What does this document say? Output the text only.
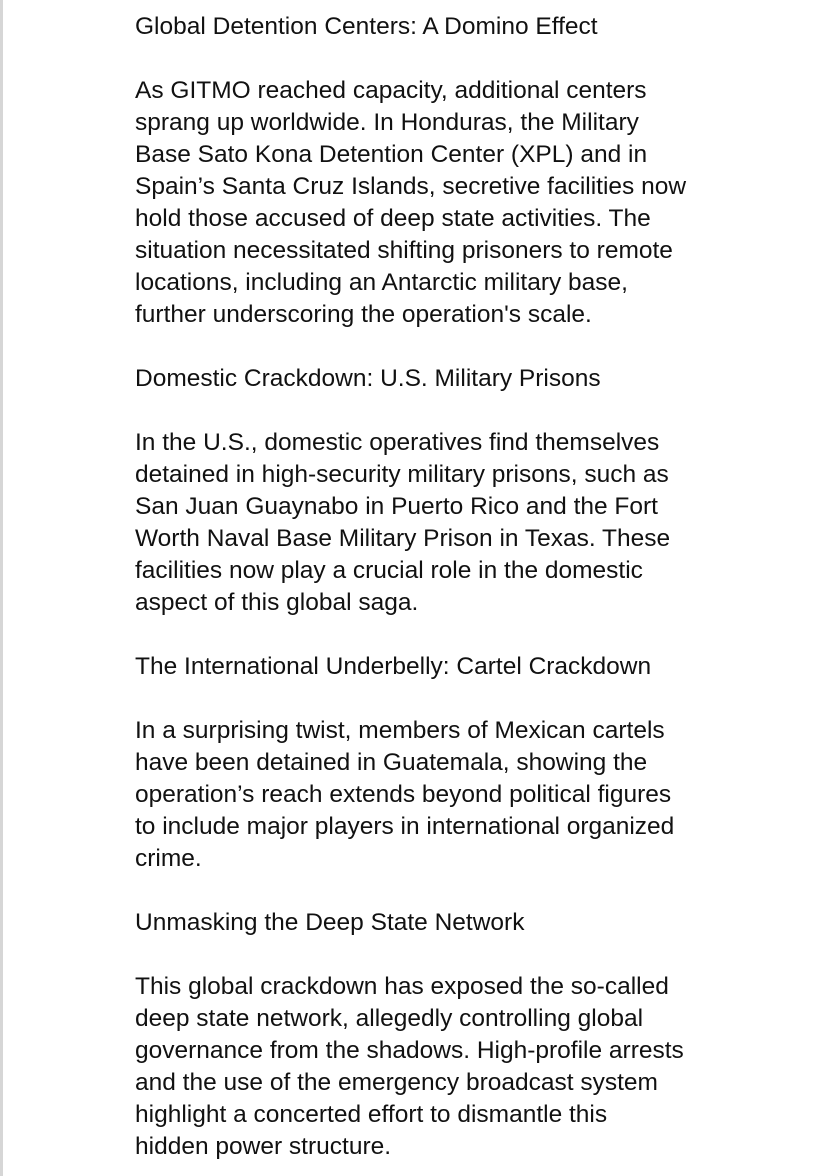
Global Detention Centers: A Domino Effect
As GITMO reached capacity, additional centers
sprang up worldwide. In Honduras, the Military
Base Sato Kona Detention Center (XPL) and in
Spain’s Santa Cruz Islands, secretive facilities now
hold those accused of deep state activities. The
situation necessitated shifting prisoners to remote
locations, including an Antarctic military base,
further underscoring the operation's scale.
Domestic Crackdown: U.S. Military Prisons
In the U.S., domestic operatives find themselves
detained in high-security military prisons, such as
San Juan Guaynabo in Puerto Rico and the Fort
Worth Naval Base Military Prison in Texas. These
facilities now play a crucial role in the domestic
aspect of this global saga.
The International Underbelly: Cartel Crackdown
In a surprising twist, members of Mexican cartels
have been detained in Guatemala, showing the
operation’s reach extends beyond political figures
to include major players in international organized
crime.
Unmasking the Deep State Network
This global crackdown has exposed the so-called
deep state network, allegedly controlling global
governance from the shadows. High-profile arrests
and the use of the emergency broadcast system
highlight a concerted effort to dismantle this
hidden power structure.
